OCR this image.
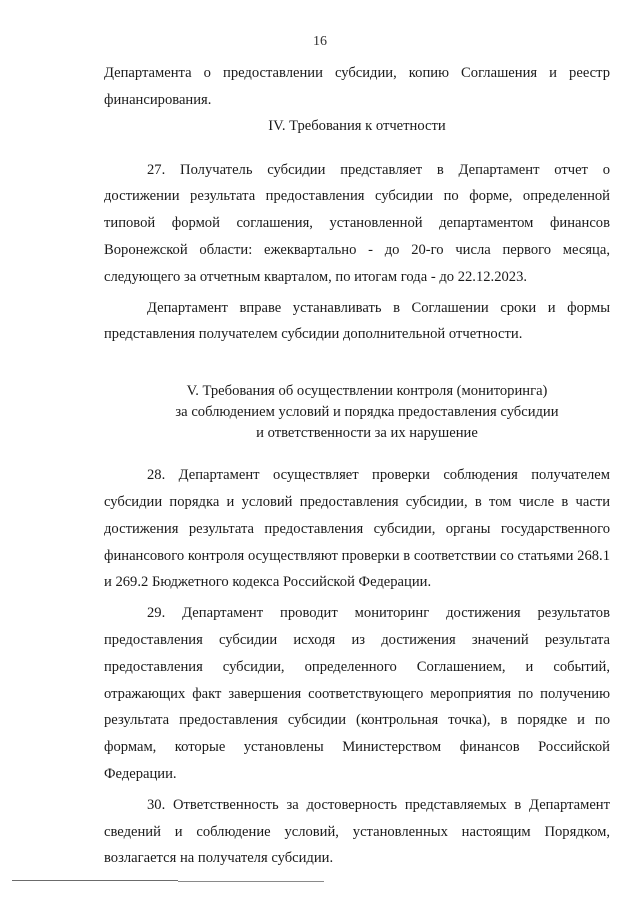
16

Департамента о предоставлении субсидии, копию Соглашения и реестр финансирования.

IV. Требования к отчетности

27. Получатель субсидии представляет в Департамент отчет о достижении результата предоставления субсидии по форме, определенной типовой формой соглашения, установленной департаментом финансов Воронежской области: ежеквартально - до 20-го числа первого месяца, следующего за отчетным кварталом, по итогам года - до 22.12.2023.

Департамент вправе устанавливать в Соглашении сроки и формы представления получателем субсидии дополнительной отчетности.

V. Требования об осуществлении контроля (мониторинга)
за соблюдением условий и порядка предоставления субсидии
и ответственности за их нарушение

28. Департамент осуществляет проверки соблюдения получателем субсидии порядка и условий предоставления субсидии, в том числе в части достижения результата предоставления субсидии, органы государственного финансового контроля осуществляют проверки в соответствии со статьями 268.1 и 269.2 Бюджетного кодекса Российской Федерации.

29. Департамент проводит мониторинг достижения результатов предоставления субсидии исходя из достижения значений результата предоставления субсидии, определенного Соглашением, и событий, отражающих факт завершения соответствующего мероприятия по получению результата предоставления субсидии (контрольная точка), в порядке и по формам, которые установлены Министерством финансов Российской Федерации.

30. Ответственность за достоверность представляемых в Департамент сведений и соблюдение условий, установленных настоящим Порядком, возлагается на получателя субсидии.
